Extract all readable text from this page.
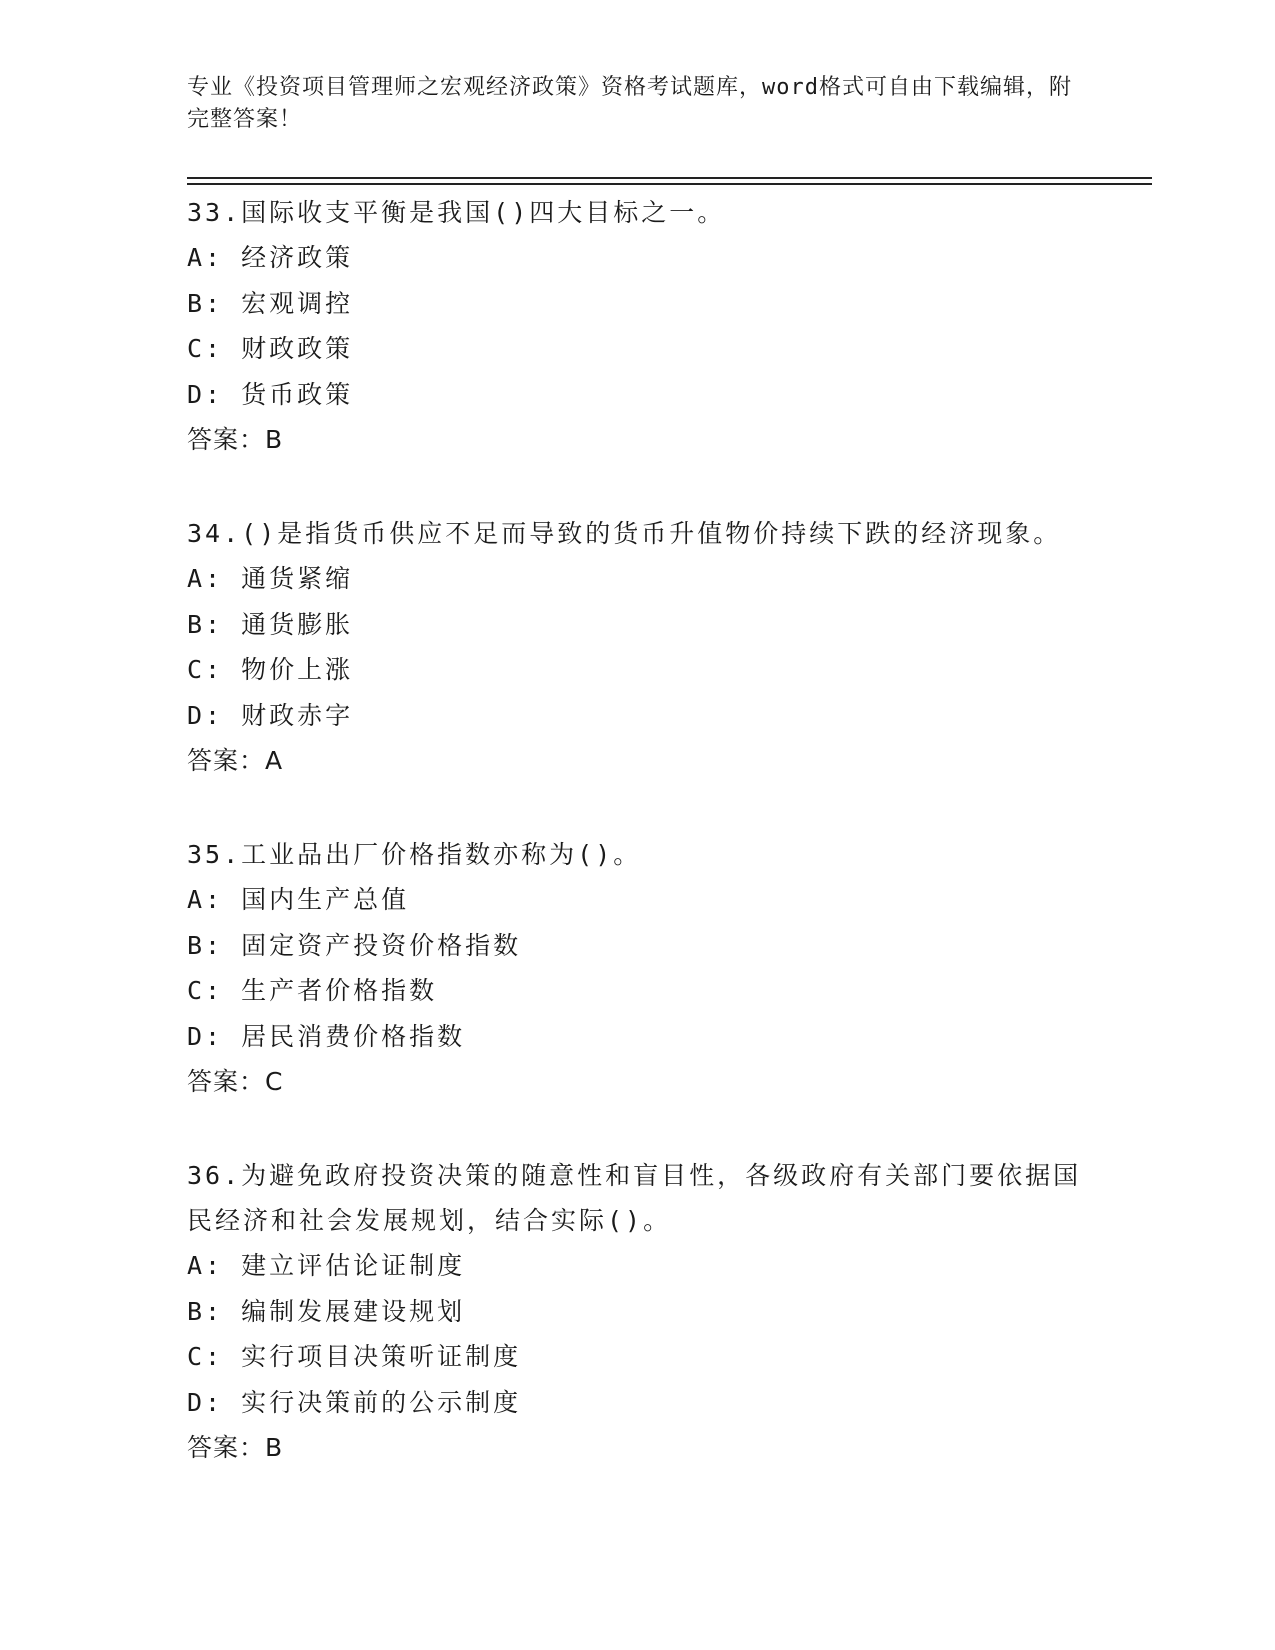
专业《投资项目管理师之宏观经济政策》资格考试题库，word格式可自由下载编辑，附完整答案！

33.国际收支平衡是我国()四大目标之一。

A: 经济政策

B: 宏观调控

C: 财政政策

D: 货币政策

答案：B

34.()是指货币供应不足而导致的货币升值物价持续下跌的经济现象。

A: 通货紧缩

B: 通货膨胀

C: 物价上涨

D: 财政赤字

答案：A

35.工业品出厂价格指数亦称为()。

A: 国内生产总值

B: 固定资产投资价格指数

C: 生产者价格指数

D: 居民消费价格指数

答案：C

36.为避免政府投资决策的随意性和盲目性，各级政府有关部门要依据国民经济和社会发展规划，结合实际()。

A: 建立评估论证制度

B: 编制发展建设规划

C: 实行项目决策听证制度

D: 实行决策前的公示制度

答案：B
